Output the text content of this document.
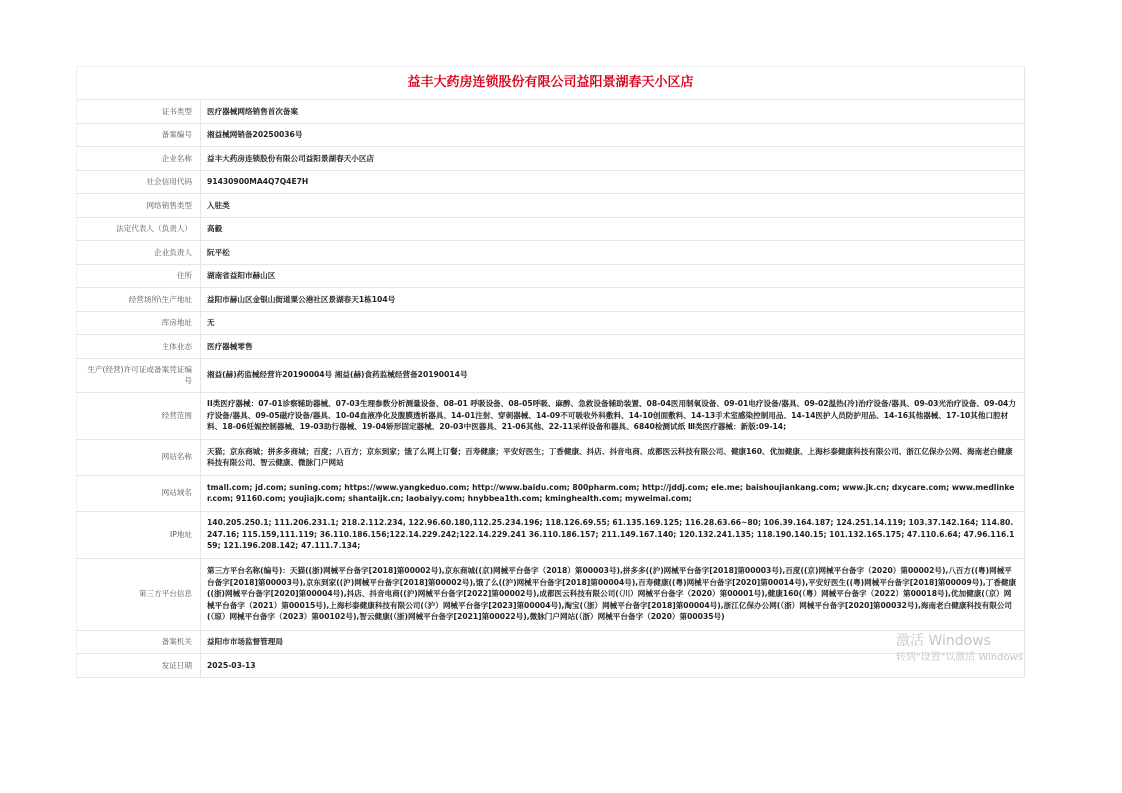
益丰大药房连锁股份有限公司益阳景湖春天小区店
证书类型	医疗器械网络销售首次备案
备案编号	湘益械网销备20250036号
企业名称	益丰大药房连锁股份有限公司益阳景湖春天小区店
社会信用代码	91430900MA4Q7Q4E7H
网络销售类型	入驻类
法定代表人（负责人）	高毅
企业负责人	阮平松
住所	湖南省益阳市赫山区
经营场所\生产地址	益阳市赫山区金银山街道粟公港社区景湖春天1栋104号
库房地址	无
主体业态	医疗器械零售
生产(经营)许可证或备案凭证编号	湘益(赫)药监械经营许20190004号 湘益(赫)食药监械经营备20190014号
经营范围	II类医疗器械：07-01诊察辅助器械、07-03生理参数分析测量设备、08-01 呼吸设备、08-05呼吸、麻醉、急救设备辅助装置、08-04医用制氧设备、09-01电疗设备/器具、09-02温热(冷)治疗设备/器具、09-03光治疗设备、09-04力疗设备/器具、09-05磁疗设备/器具、10-04血液净化及腹膜透析器具、14-01注射、穿刺器械、14-09不可吸收外科敷料、14-10创面敷料、14-13手术室感染控制用品、14-14医护人员防护用品、14-16其他器械、17-10其他口腔材料、18-06妊娠控制器械、19-03助行器械、19-04矫形固定器械、20-03中医器具、21-06其他、22-11采样设备和器具、6840检测试纸 Ⅲ类医疗器械：新版:09-14;
网站名称	天猫；京东商城；拼多多商城；百度；八百方；京东到家；饿了么网上订餐；百寿健康；平安好医生；丁香健康、抖店、抖音电商、成都医云科技有限公司、健康160、优加健康、上海杉泰健康科技有限公司、浙江亿保办公网、海南老白健康科技有限公司、智云健康、微脉门户网站
网站域名	tmall.com; jd.com; suning.com; https://www.yangkeduo.com; http://www.baidu.com; 800pharm.com; http://jddj.com; ele.me; baishoujiankang.com; www.jk.cn; dxycare.com; www.medlinker.com; 91160.com; youjiajk.com; shantaijk.cn; laobaiyy.com; hnybbea1th.com; kminghealth.com; myweimai.com;
IP地址	140.205.250.1; 111.206.231.1; 218.2.112.234, 122.96.60.180,112.25.234.196; 118.126.69.55; 61.135.169.125; 116.28.63.66~80; 106.39.164.187; 124.251.14.119; 103.37.142.164; 114.80.247.16; 115.159,111.119; 36.110.186.156;122.14.229.242;122.14.229.241 36.110.186.157; 211.149.167.140; 120.132.241.135; 118.190.140.15; 101.132.165.175; 47.110.6.64; 47.96.116.159; 121.196.208.142; 47.111.7.134;
第三方平台信息	第三方平台名称(编号)：天猫((浙)网械平台备字[2018]第00002号),京东商城((京)网械平台备字（2018）第00003号),拼多多((沪)网械平台备字[2018]第00003号),百度((京)网械平台备字（2020）第00002号),八百方((粤)网械平台备字[2018]第00003号),京东到家((沪)网械平台备字[2018]第00002号),饿了么((沪)网械平台备字[2018]第00004号),百寿健康((粤)网械平台备字[2020]第00014号),平安好医生((粤)网械平台备字[2018]第00009号),丁香健康((浙)网械平台备字[2020]第00004号),抖店、抖音电商((沪)网械平台备字[2022]第00002号),成都医云科技有限公司(（川）网械平台备字（2020）第00001号),健康160(（粤）网械平台备字（2022）第00018号),优加健康(（京）网械平台备字（2021）第00015号),上海杉泰健康科技有限公司(（沪）网械平台备字[2023]第00004号),淘宝(（浙）网械平台备字[2018]第00004号),浙江亿保办公网(（浙）网械平台备字[2020]第00032号),海南老白健康科技有限公司(（琼）网械平台备字（2023）第00102号),智云健康(（浙)网械平台备字[2021]第00022号),微脉门户网站(（浙）网械平台备字（2020）第00035号)
备案机关	益阳市市场监督管理局
发证日期	2025-03-13
激活 Windows
转到"设置"以激活 Windows
